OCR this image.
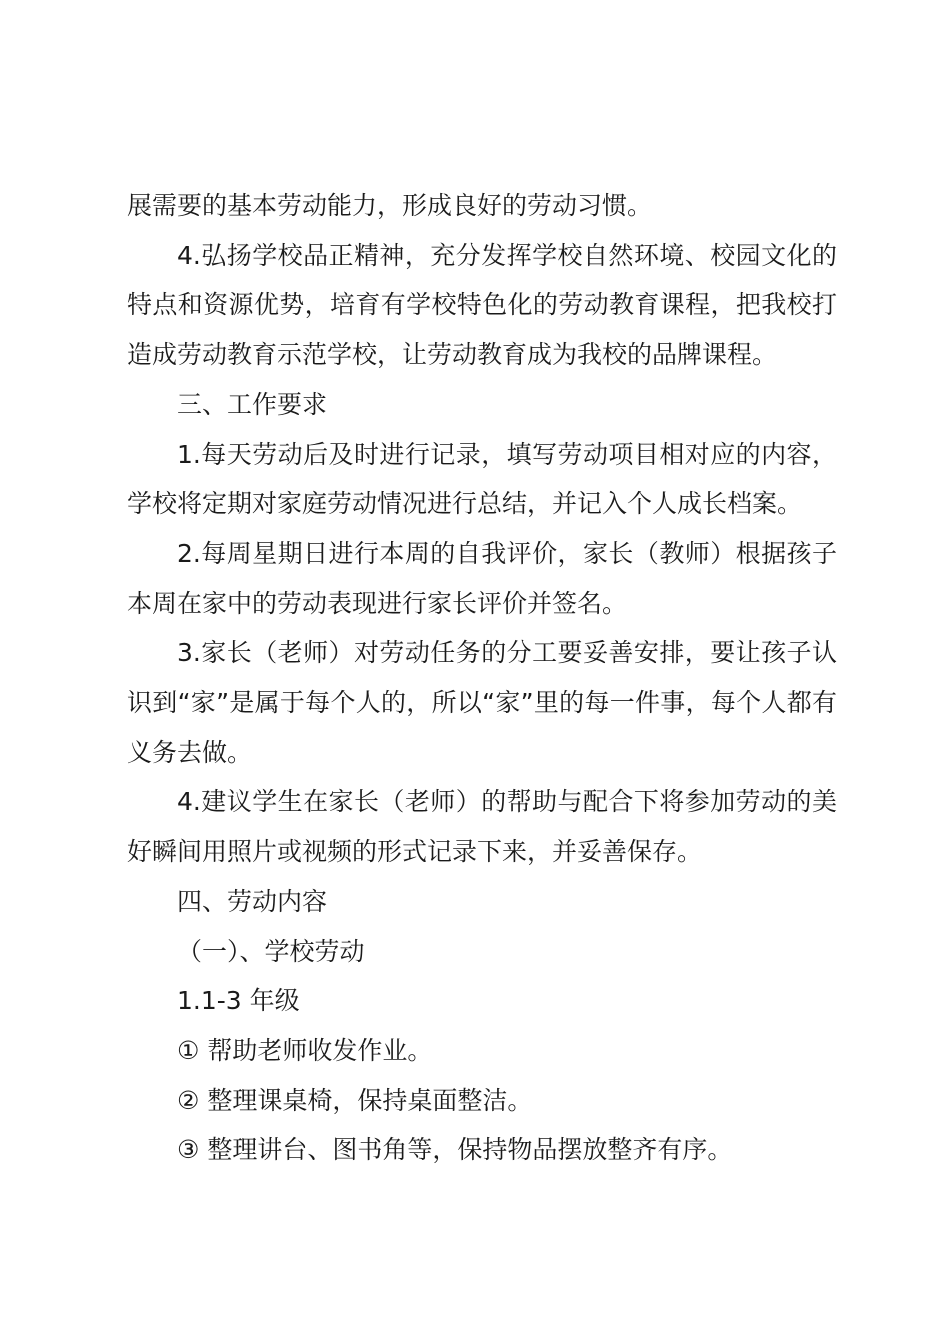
展需要的基本劳动能力，形成良好的劳动习惯。

4.弘扬学校品正精神，充分发挥学校自然环境、校园文化的特点和资源优势，培育有学校特色化的劳动教育课程，把我校打造成劳动教育示范学校，让劳动教育成为我校的品牌课程。

三、工作要求

1.每天劳动后及时进行记录，填写劳动项目相对应的内容，学校将定期对家庭劳动情况进行总结，并记入个人成长档案。

2.每周星期日进行本周的自我评价，家长（教师）根据孩子本周在家中的劳动表现进行家长评价并签名。

3.家长（老师）对劳动任务的分工要妥善安排，要让孩子认识到“家”是属于每个人的，所以“家”里的每一件事，每个人都有义务去做。

4.建议学生在家长（老师）的帮助与配合下将参加劳动的美好瞬间用照片或视频的形式记录下来，并妥善保存。

四、劳动内容

（一）、学校劳动

1.1-3 年级

① 帮助老师收发作业。

② 整理课桌椅，保持桌面整洁。

③ 整理讲台、图书角等，保持物品摆放整齐有序。
